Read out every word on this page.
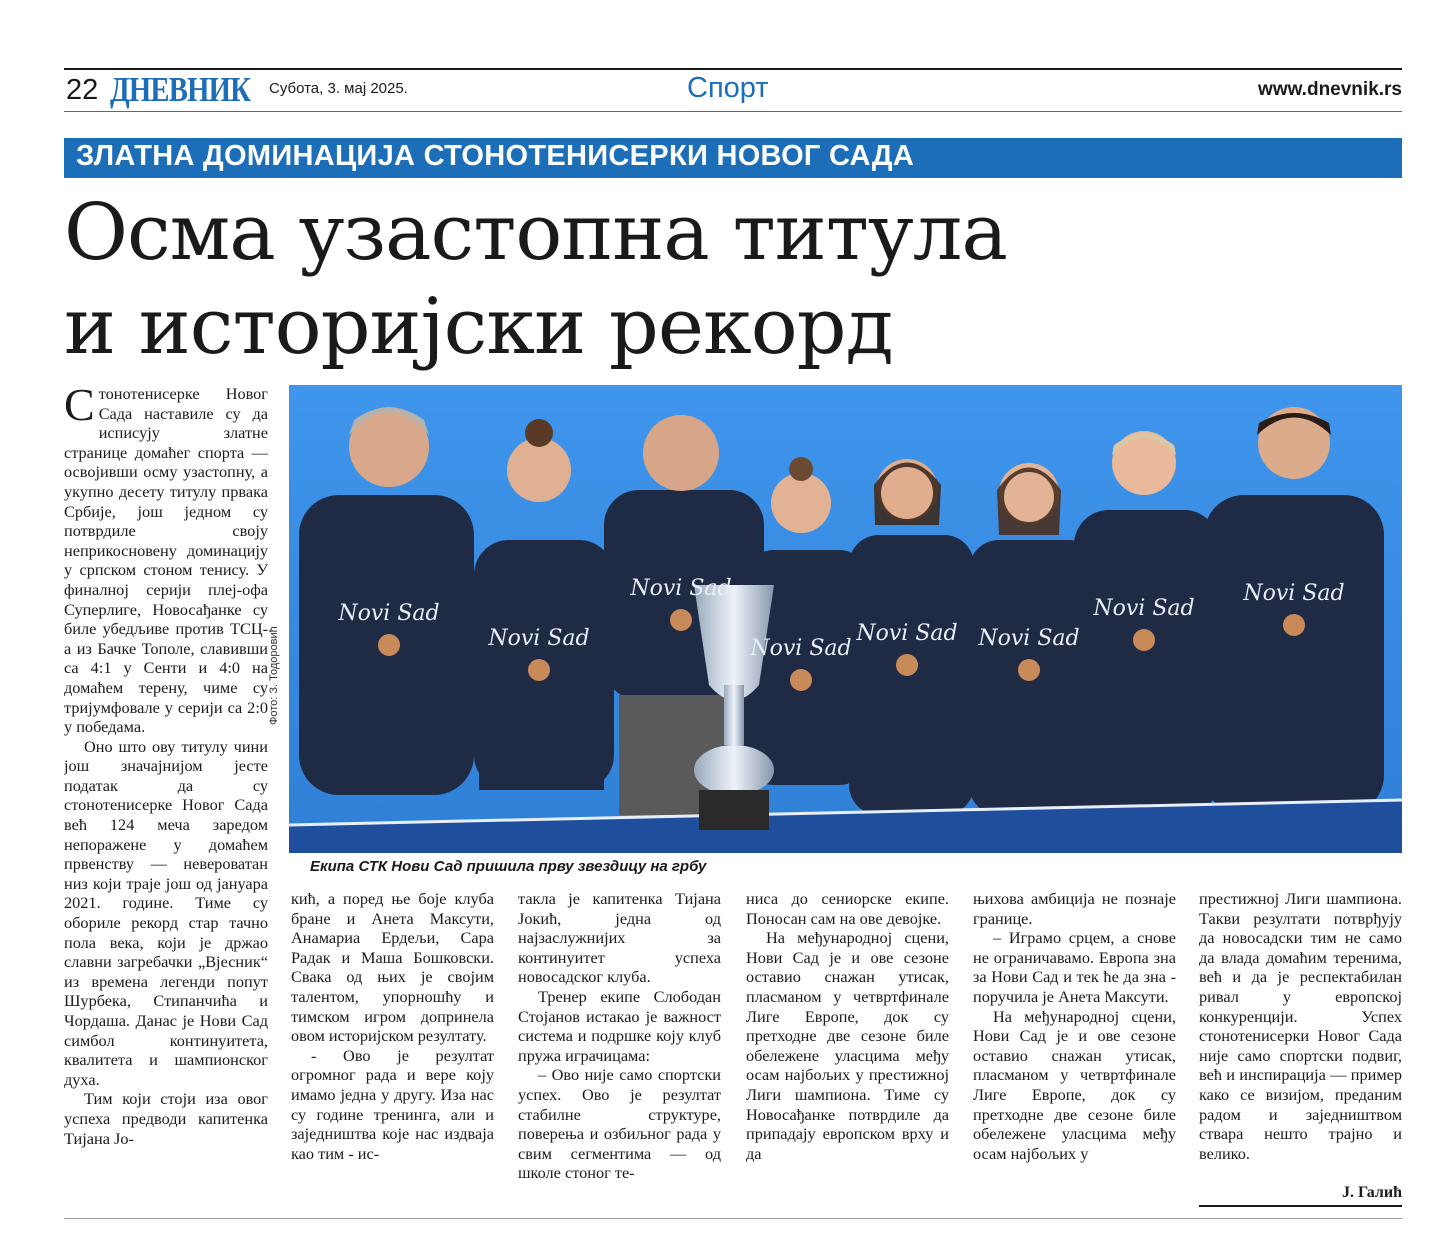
22 ДНЕВНИК Субота, 3. мај 2025.	Спорт	www.dnevnik.rs
ЗЛАТНА ДОМИНАЦИЈА СТОНОТЕНИСЕРКИ НОВОГ САДА
Осма узастопна титула
и историјски рекорд
Novi Sad
Novi Sad
Novi Sad
Novi Sad
Novi Sad Novi Sad
Novi Sad
Novi Sad
Фото: З. Тодоровић
Екипа СТК Нови Сад пришила прву звездицу на грбу

Стонотенисерке Новог Сада наставиле су да исписују златне странице домаћег спорта — освојивши осму узастопну, а укупно десету титулу првака Србије, још једном су потврдиле своју неприкосновену доминацију у српском стоном тенису. У финалној серији плеј-офа Суперлиге, Новосађанке су биле убедљиве против ТСЦ-а из Бачке Тополе, славивши са 4:1 у Сенти и 4:0 на домаћем терену, чиме су тријумфовале у серији са 2:0 у победама.

Оно што ову титулу чини још значајнијом јесте податак да су стонотенисерке Новог Сада већ 124 меча заредом непоражене у домаћем првенству — невероватан низ који траје још од јануара 2021. године. Тиме су обориле рекорд стар тачно пола века, који је држао славни загребачки „Вјесник“ из времена легенди попут Шурбека, Стипанчића и Чордаша. Данас је Нови Сад симбол континуитета, квалитета и шампионског духа.

Тим који стоји иза овог успеха предводи капитенка Тијана Јо-

кић, а поред ње боје клуба бране и Анета Максути, Анамариа Ердељи, Сара Радак и Маша Бошковски. Свака од њих је својим талентом, упорношћу и тимском игром допринела овом историјском резултату.

- Ово је резултат огромног рада и вере коју имамо једна у другу. Иза нас су године тренинга, али и заједништва које нас издваја као тим - ис-

такла је капитенка Тијана Јокић, једна од најзаслужнијих за континуитет успеха новосадског клуба.

Тренер екипе Слободан Стојанов истакао је важност система и подршке коју клуб пружа играчицама:

– Ово није само спортски успех. Ово је резултат стабилне структуре, поверења и озбиљног рада у свим сегментима — од школе стоног те-

ниса до сениорске екипе. Поносан сам на ове девојке.

На међународној сцени, Нови Сад је и ове сезоне оставио снажан утисак, пласманом у четвртфинале Лиге Европе, док су претходне две сезоне биле обележене уласцима међу осам најбољих у престижној Лиги шампиона. Тиме су Новосађанке потврдиле да припадају европском врху и да

њихова амбиција не познаје границе.

– Играмо срцем, а снове не ограничавамо. Европа зна за Нови Сад и тек ће да зна - поручила је Анета Максути.

На међународној сцени, Нови Сад је и ове сезоне оставио снажан утисак, пласманом у четвртфинале Лиге Европе, док су претходне две сезоне биле обележене уласцима међу осам најбољих у

престижној Лиги шампиона. Такви резултати потврђују да новосадски тим не само да влада домаћим теренима, већ и да је респектабилан ривал у европској конкуренцији. Успех стонотенисерки Новог Сада није само спортски подвиг, већ и инспирација — пример како се визијом, преданим радом и заједништвом ствара нешто трајно и велико.

Ј. Галић
